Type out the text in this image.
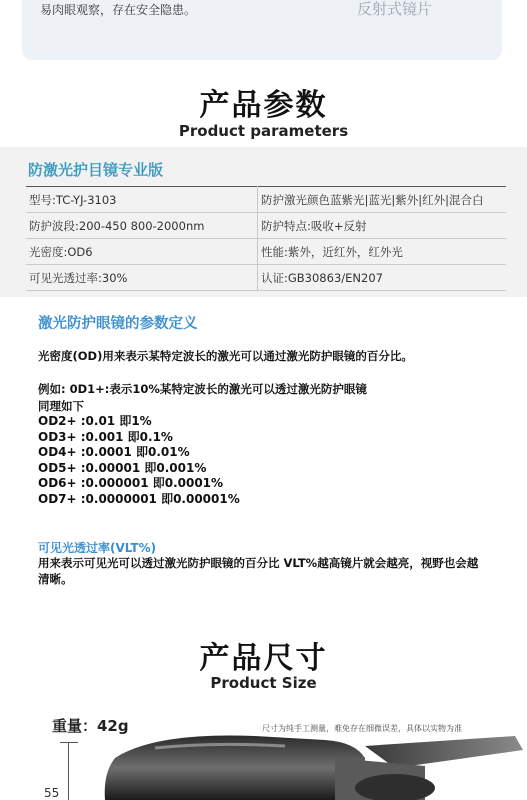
易肉眼观察，存在安全隐患。	反射式镜片
产品参数
Product parameters
防激光护目镜专业版
型号:TC-YJ-3103	防护激光颜色蓝紫光|蓝光|紫外|红外|混合白
防护波段:200-450 800-2000nm	防护特点:吸收+反射
光密度:OD6	性能:紫外，近红外，红外光
可见光透过率:30%	认证:GB30863/EN207
激光防护眼镜的参数定义
光密度(OD)用来表示某特定波长的激光可以通过激光防护眼镜的百分比。
例如: 0D1+:表示10%某特定波长的激光可以透过激光防护眼镜
同理如下
OD2+ :0.01 即1%
OD3+ :0.001 即0.1%
OD4+ :0.0001 即0.01%
OD5+ :0.00001 即0.001%
OD6+ :0.000001 即0.0001%
OD7+ :0.0000001 即0.00001%
可见光透过率(VLT%)
用来表示可见光可以透过激光防护眼镜的百分比 VLT%越高镜片就会越亮，视野也会越清晰。
产品尺寸
Product Size
重量：42g	尺寸为纯手工测量，难免存在细微误差，具体以实物为准
55
